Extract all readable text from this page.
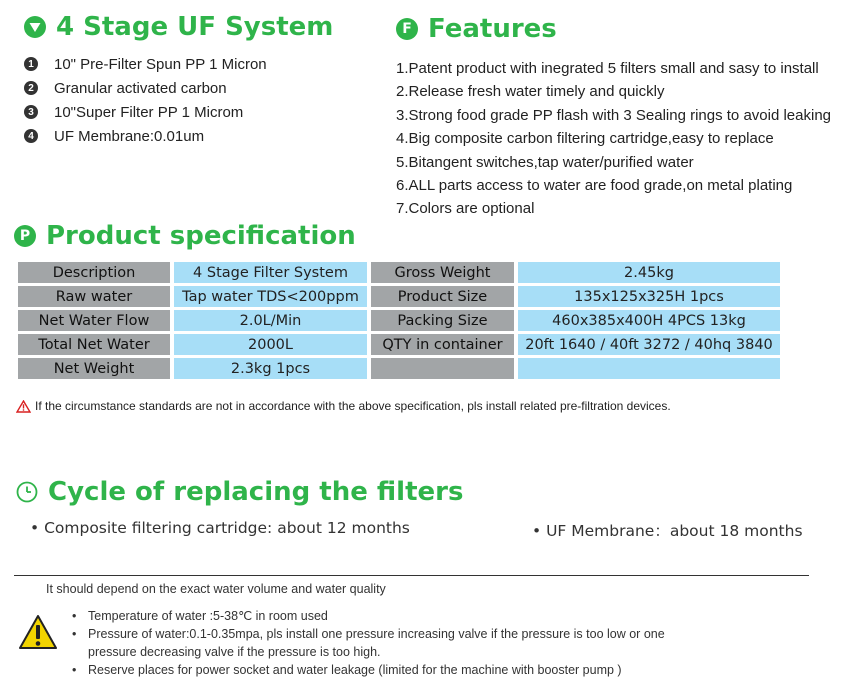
4 Stage UF System
1 10" Pre-Filter Spun PP 1 Micron
2 Granular activated carbon
3 10"Super Filter PP 1 Microm
4 UF Membrane:0.01um
F Features
1.Patent product with inegrated 5 filters small and sasy to install
2.Release fresh water timely and quickly
3.Strong food grade PP flash with 3 Sealing rings to avoid leaking
4.Big composite carbon filtering cartridge,easy to replace
5.Bitangent switches,tap water/purified water
6.ALL parts access to water are food grade,on metal plating
7.Colors are optional
P Product specification
Description	4 Stage Filter System	Gross Weight	2.45kg
Raw water	Tap water TDS<200ppm	Product Size	135x125x325H 1pcs
Net Water Flow	2.0L/Min	Packing Size	460x385x400H 4PCS 13kg
Total Net Water	2000L	QTY in container	20ft 1640 / 40ft 3272 / 40hq 3840
Net Weight	2.3kg 1pcs		
If the circumstance standards are not in accordance with the above specification, pls install related pre-filtration devices.
Cycle of replacing the filters
• Composite filtering cartridge: about 12 months	• UF Membrane：about 18 months
It should depend on the exact water volume and water quality
• Temperature of water :5-38℃ in room used
• Pressure of water:0.1-0.35mpa, pls install one pressure increasing valve if the pressure is too low or one
pressure decreasing valve if the pressure is too high.
• Reserve places for power socket and water leakage (limited for the machine with booster pump )
